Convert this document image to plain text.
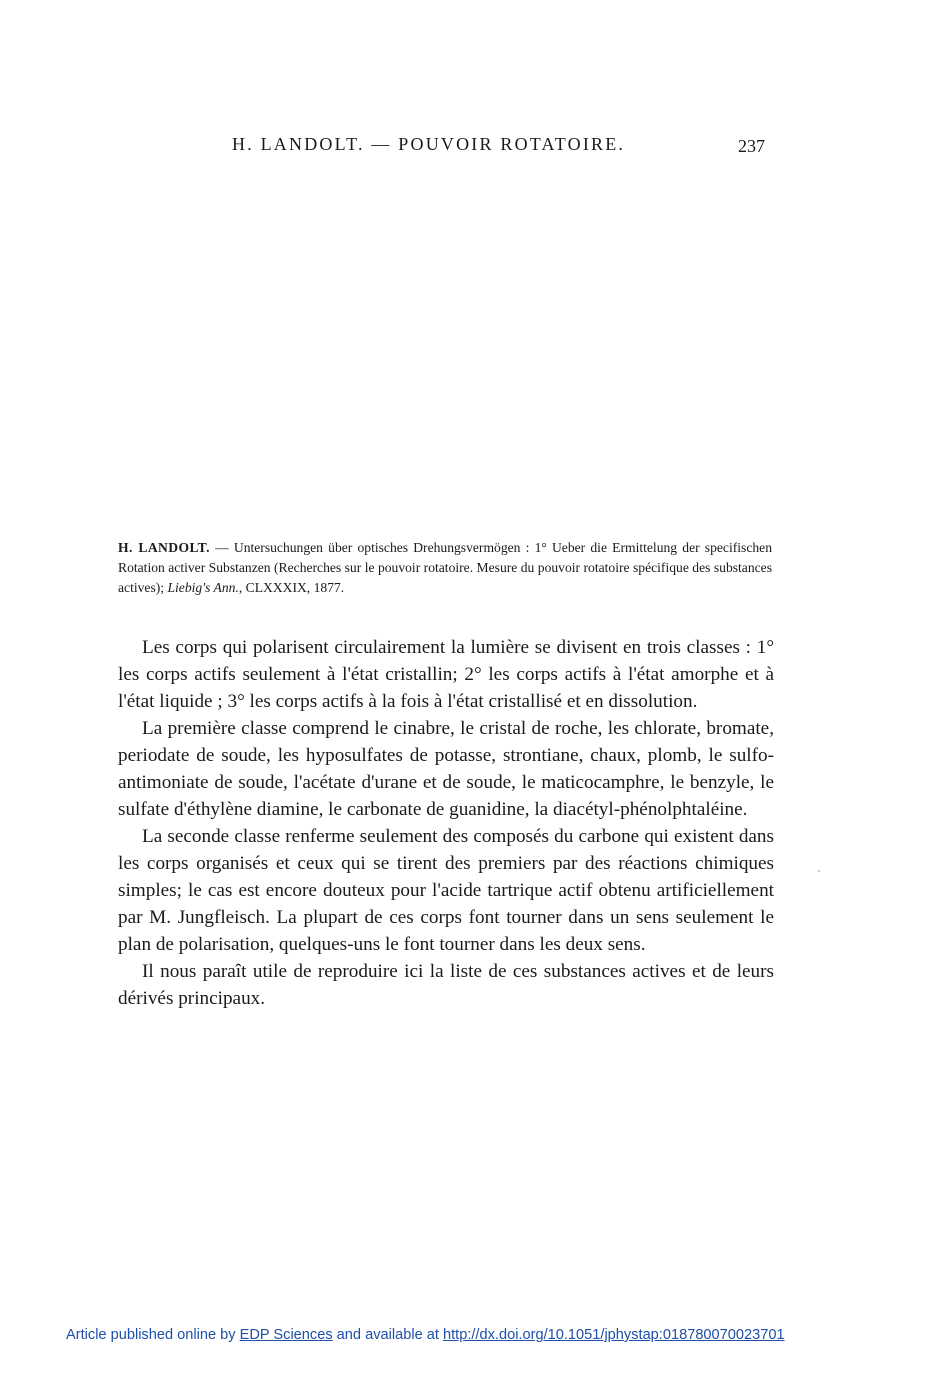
H. LANDOLT. — POUVOIR ROTATOIRE.	237
H. LANDOLT. — Untersuchungen über optisches Drehungsvermögen : 1° Ueber die Ermittelung der specifischen Rotation activer Substanzen (Recherches sur le pouvoir rotatoire. Mesure du pouvoir rotatoire spécifique des substances actives); Liebig's Ann., CLXXXIX, 1877.

Les corps qui polarisent circulairement la lumière se divisent en trois classes : 1° les corps actifs seulement à l'état cristallin; 2° les corps actifs à l'état amorphe et à l'état liquide ; 3° les corps actifs à la fois à l'état cristallisé et en dissolution.

La première classe comprend le cinabre, le cristal de roche, les chlorate, bromate, periodate de soude, les hyposulfates de potasse, strontiane, chaux, plomb, le sulfo-antimoniate de soude, l'acétate d'urane et de soude, le maticocamphre, le benzyle, le sulfate d'éthylène diamine, le carbonate de guanidine, la diacétyl-phénolphtaléine.

La seconde classe renferme seulement des composés du carbone qui existent dans les corps organisés et ceux qui se tirent des premiers par des réactions chimiques simples; le cas est encore douteux pour l'acide tartrique actif obtenu artificiellement par M. Jungfleisch. La plupart de ces corps font tourner dans un sens seulement le plan de polarisation, quelques-uns le font tourner dans les deux sens.

Il nous paraît utile de reproduire ici la liste de ces substances actives et de leurs dérivés principaux.

Article published online by EDP Sciences and available at http://dx.doi.org/10.1051/jphystap:018780070023701
